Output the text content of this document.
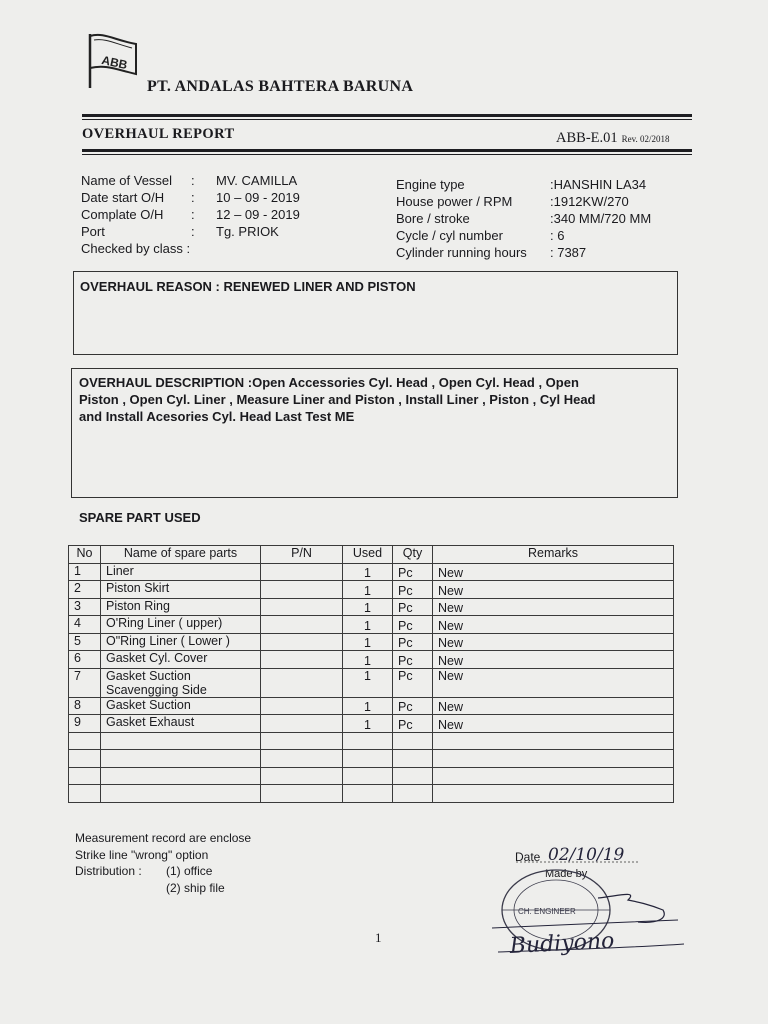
ABB
PT. ANDALAS BAHTERA BARUNA
OVERHAUL REPORT	ABB-E.01 Rev. 02/2018
Name of Vessel : MV. CAMILLA
Date start O/H : 10 – 09 - 2019
Complate O/H : 12 – 09 - 2019
Port	: Tg. PRIOK
Checked by class :
Engine type	:HANSHIN LA34
House power / RPM	:1912KW/270
Bore / stroke	:340 MM/720 MM
Cycle / cyl number	: 6
Cylinder running hours : 7387
OVERHAUL REASON : RENEWED LINER AND PISTON
OVERHAUL DESCRIPTION :Open Accessories Cyl. Head , Open Cyl. Head , Open
Piston , Open Cyl. Liner , Measure Liner and Piston , Install Liner , Piston , Cyl Head
and Install Acesories Cyl. Head Last Test ME
SPARE PART USED
No	Name of spare parts	P/N	Used	Qty	Remarks
1	Liner		1	Pc	New
2	Piston Skirt		1	Pc	New
3	Piston Ring		1	Pc	New
4	O'Ring Liner ( upper)		1	Pc	New
5	O"Ring Liner ( Lower )		1	Pc	New
6	Gasket Cyl. Cover		1	Pc	New
7	Gasket Suction
Scavengging Side		1	Pc	New
8	Gasket Suction		1	Pc	New
9	Gasket Exhaust		1	Pc	New

Measurement record are enclose
Strike line "wrong" option
Distribution : (1) office
(2) ship file
1
Date
Made by
02/10/19
CH. ENGINEER
Budiyono
